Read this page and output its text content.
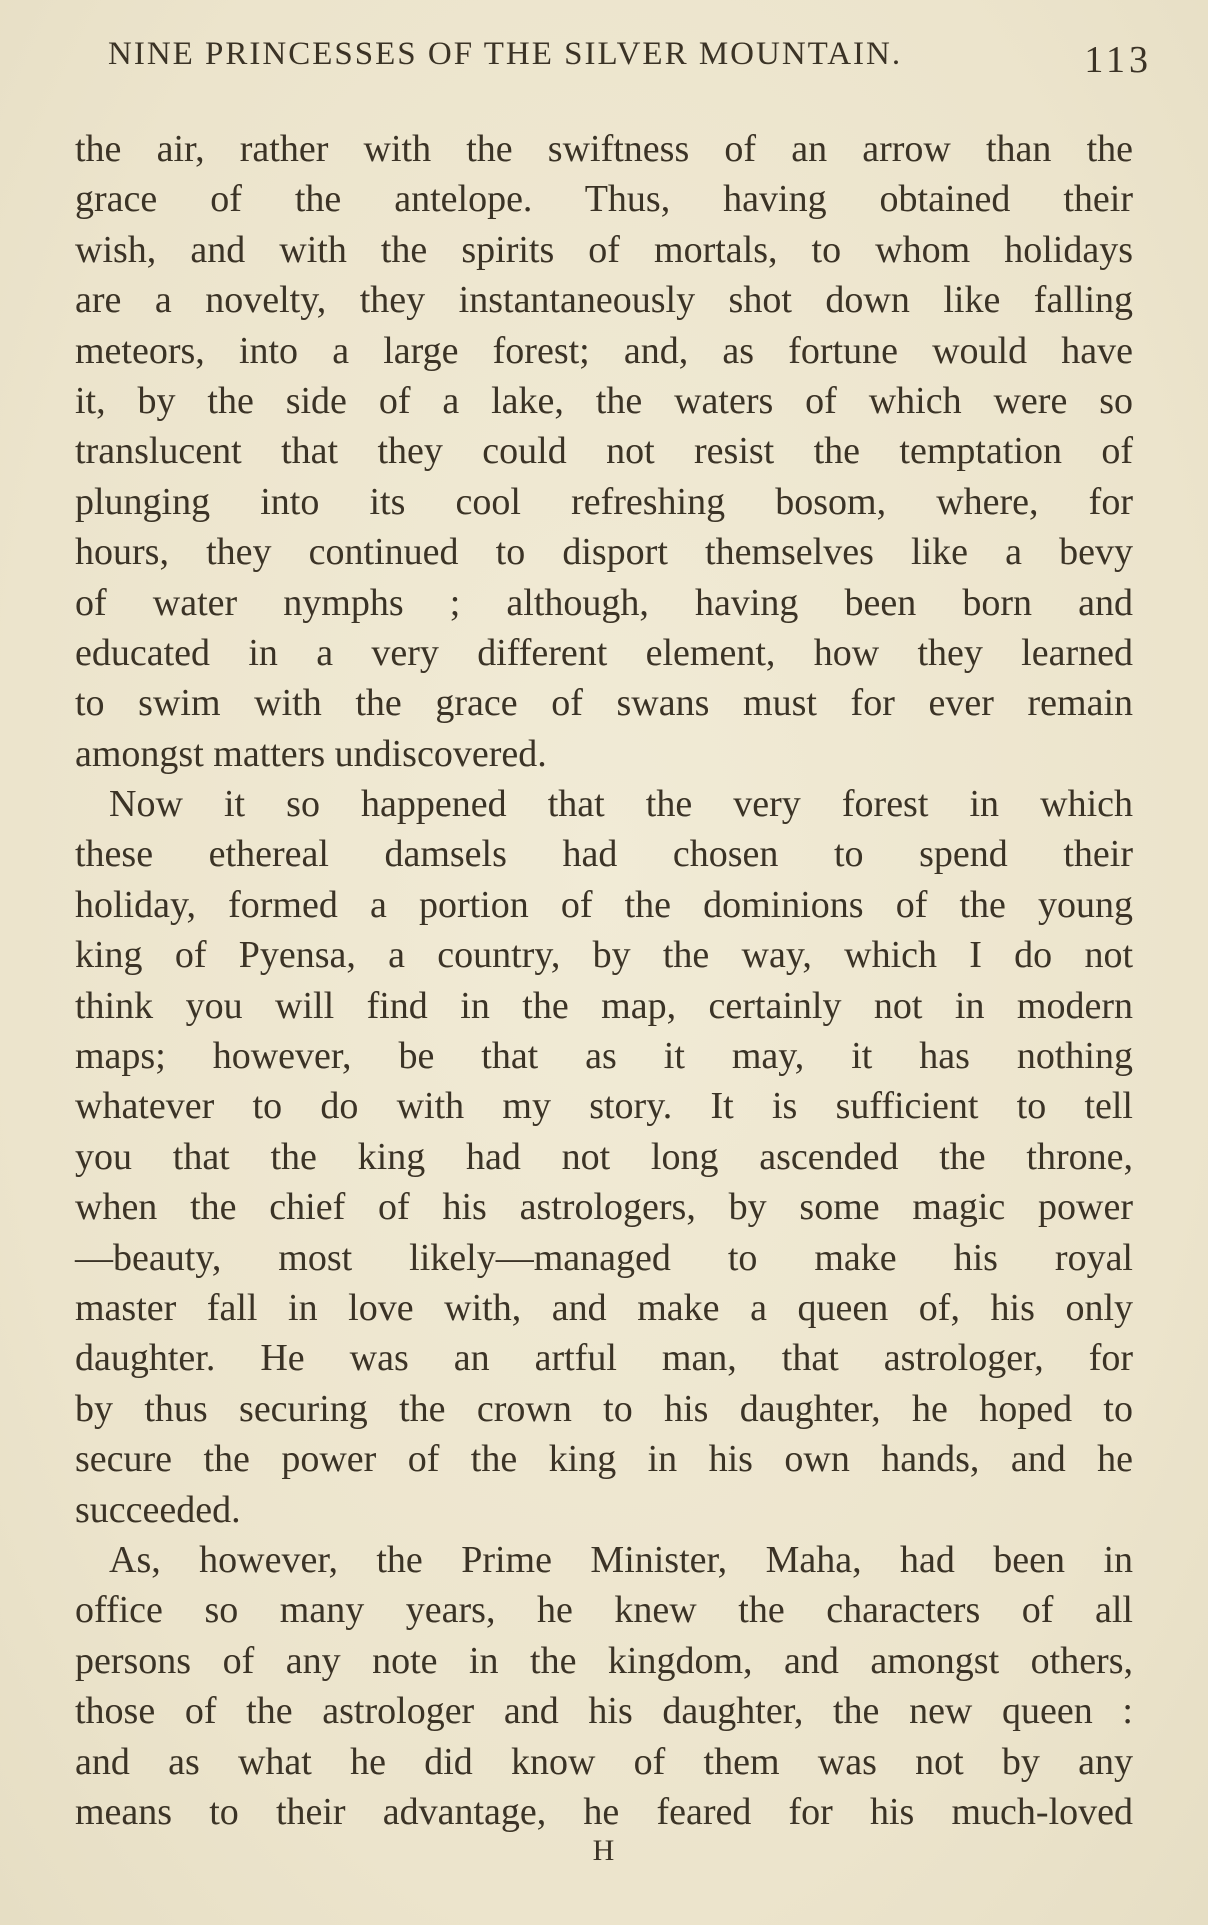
NINE PRINCESSES OF THE SILVER MOUNTAIN.	113
the air, rather with the swiftness of an arrow than the
grace of the antelope. Thus, having obtained their
wish, and with the spirits of mortals, to whom holidays
are a novelty, they instantaneously shot down like falling
meteors, into a large forest; and, as fortune would have
it, by the side of a lake, the waters of which were so
translucent that they could not resist the temptation of
plunging into its cool refreshing bosom, where, for
hours, they continued to disport themselves like a bevy
of water nymphs ; although, having been born and
educated in a very different element, how they learned
to swim with the grace of swans must for ever remain
amongst matters undiscovered.
Now it so happened that the very forest in which
these ethereal damsels had chosen to spend their
holiday, formed a portion of the dominions of the young
king of Pyensa, a country, by the way, which I do not
think you will find in the map, certainly not in modern
maps; however, be that as it may, it has nothing
whatever to do with my story. It is sufficient to tell
you that the king had not long ascended the throne,
when the chief of his astrologers, by some magic power
—beauty, most likely—managed to make his royal
master fall in love with, and make a queen of, his only
daughter. He was an artful man, that astrologer, for
by thus securing the crown to his daughter, he hoped to
secure the power of the king in his own hands, and he
succeeded.
As, however, the Prime Minister, Maha, had been in
office so many years, he knew the characters of all
persons of any note in the kingdom, and amongst others,
those of the astrologer and his daughter, the new queen :
and as what he did know of them was not by any
means to their advantage, he feared for his much-loved
H
